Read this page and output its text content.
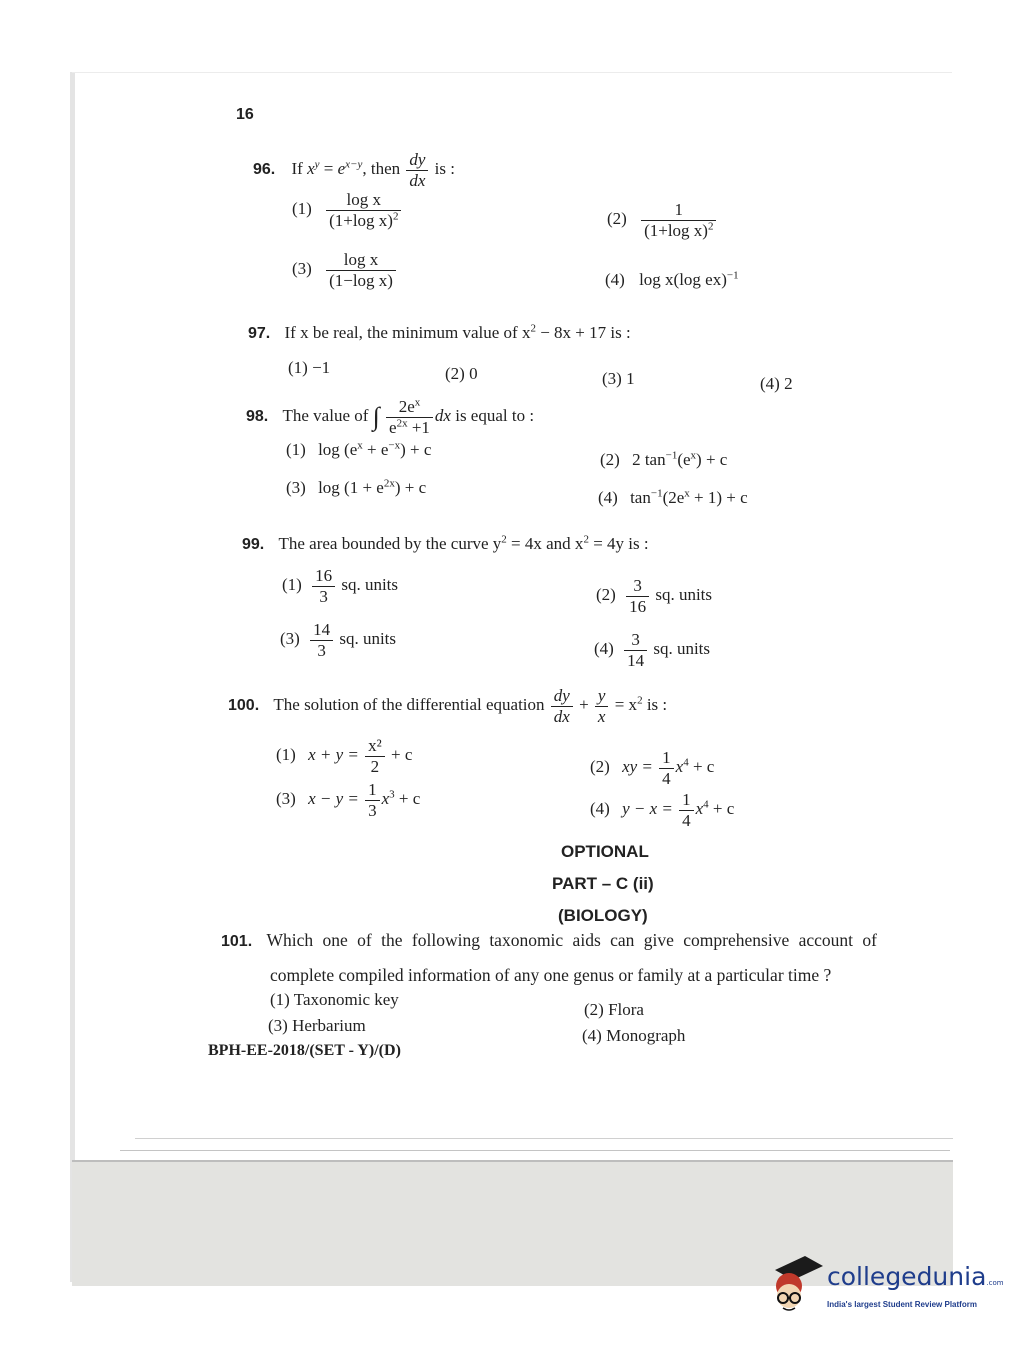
16
96. If $x^y = e^{x-y}$, then $\frac{dy}{dx}$ is :
$(1) \frac{\text{log x}}{(1+\log x)^2}$	$(2) \frac{1}{(1+\log x)^2}$
$(3) \frac{\text{log x}}{\text{(1−log x)}}$	(4) log x(log ex)$^{-1}$
97. If x be real, the minimum value of $x^2 - 8x + 17$ is :
(1) −1	(2) 0	(3) 1	(4) 2
98. The value of ∫ $\frac{2e^x}{e^{2x} +1}$ dx is equal to :
(1) $\log (e^x + e^{-x}) + c$
(2) 2 $\tan^{-1}(e^x) + c$
(3) $\log (1 + e^{2x}) + c$
(4) $\tan^{-1}(2e^x + 1) + c$
99. The area bounded by the curve $y^2 = 4x$ and $x^2 = 4y$ is :
$(1) \frac{16}{3}$ sq. units
$(2) \frac{3}{16}$ sq. units
$(3) \frac{14}{3}$ sq. units
$(4) \frac{3}{14}$ sq. units
100. The solution of the differential equation $\frac{dy}{dx} + \frac{y}{x} = x^2$ is :
(1) $x + y = \frac{\text{x²}}{2} + c$
(2) xy = $\frac{1}{4} x^4 + c$
(3) $x - y = \frac{1}{3} x^3 + c$
(4) $y - x = \frac{1}{4} x^4 + c$
OPTIONAL
PART – C (ii)
(BIOLOGY)
101. Which one of the following taxonomic aids can give comprehensive account of
complete compiled information of any one genus or family at a particular time ?
(1) Taxonomic key
(2) Flora
(3) Herbarium
(4) Monograph
BPH-EE-2018/(SET - Y)/(D)
collegedunia.com
India's largest Student Review Platform
